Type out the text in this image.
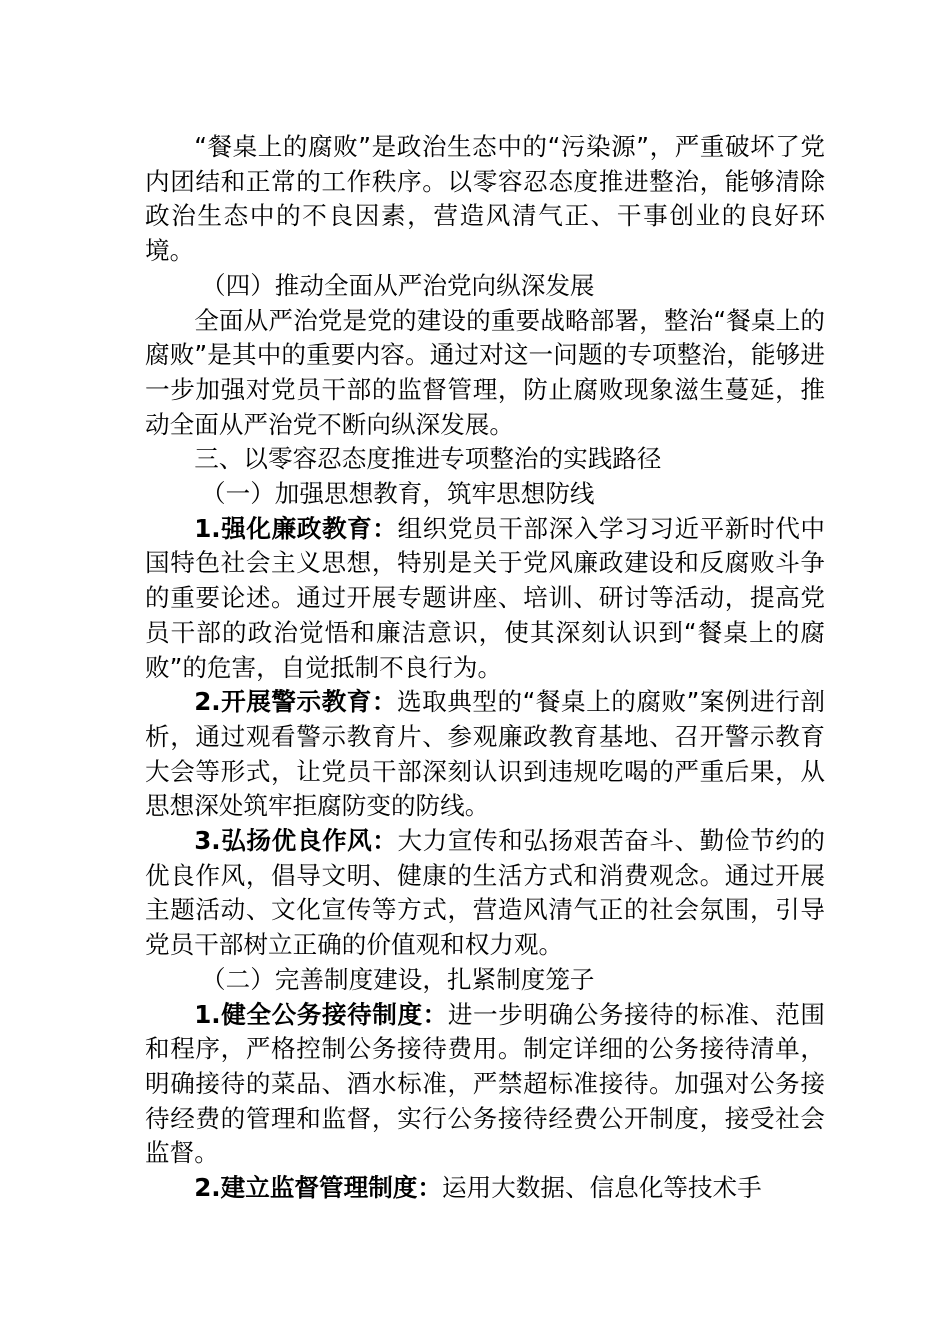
“餐桌上的腐败”是政治生态中的“污染源”，严重破坏了党内团结和正常的工作秩序。以零容忍态度推进整治，能够清除政治生态中的不良因素，营造风清气正、干事创业的良好环境。

（四）推动全面从严治党向纵深发展

全面从严治党是党的建设的重要战略部署，整治“餐桌上的腐败”是其中的重要内容。通过对这一问题的专项整治，能够进一步加强对党员干部的监督管理，防止腐败现象滋生蔓延，推动全面从严治党不断向纵深发展。

三、以零容忍态度推进专项整治的实践路径

（一）加强思想教育，筑牢思想防线

1.强化廉政教育：组织党员干部深入学习习近平新时代中国特色社会主义思想，特别是关于党风廉政建设和反腐败斗争的重要论述。通过开展专题讲座、培训、研讨等活动，提高党员干部的政治觉悟和廉洁意识，使其深刻认识到“餐桌上的腐败”的危害，自觉抵制不良行为。

2.开展警示教育：选取典型的“餐桌上的腐败”案例进行剖析，通过观看警示教育片、参观廉政教育基地、召开警示教育大会等形式，让党员干部深刻认识到违规吃喝的严重后果，从思想深处筑牢拒腐防变的防线。

3.弘扬优良作风：大力宣传和弘扬艰苦奋斗、勤俭节约的优良作风，倡导文明、健康的生活方式和消费观念。通过开展主题活动、文化宣传等方式，营造风清气正的社会氛围，引导党员干部树立正确的价值观和权力观。

（二）完善制度建设，扎紧制度笼子

1.健全公务接待制度：进一步明确公务接待的标准、范围和程序，严格控制公务接待费用。制定详细的公务接待清单，明确接待的菜品、酒水标准，严禁超标准接待。加强对公务接待经费的管理和监督，实行公务接待经费公开制度，接受社会监督。

2.建立监督管理制度：运用大数据、信息化等技术手
